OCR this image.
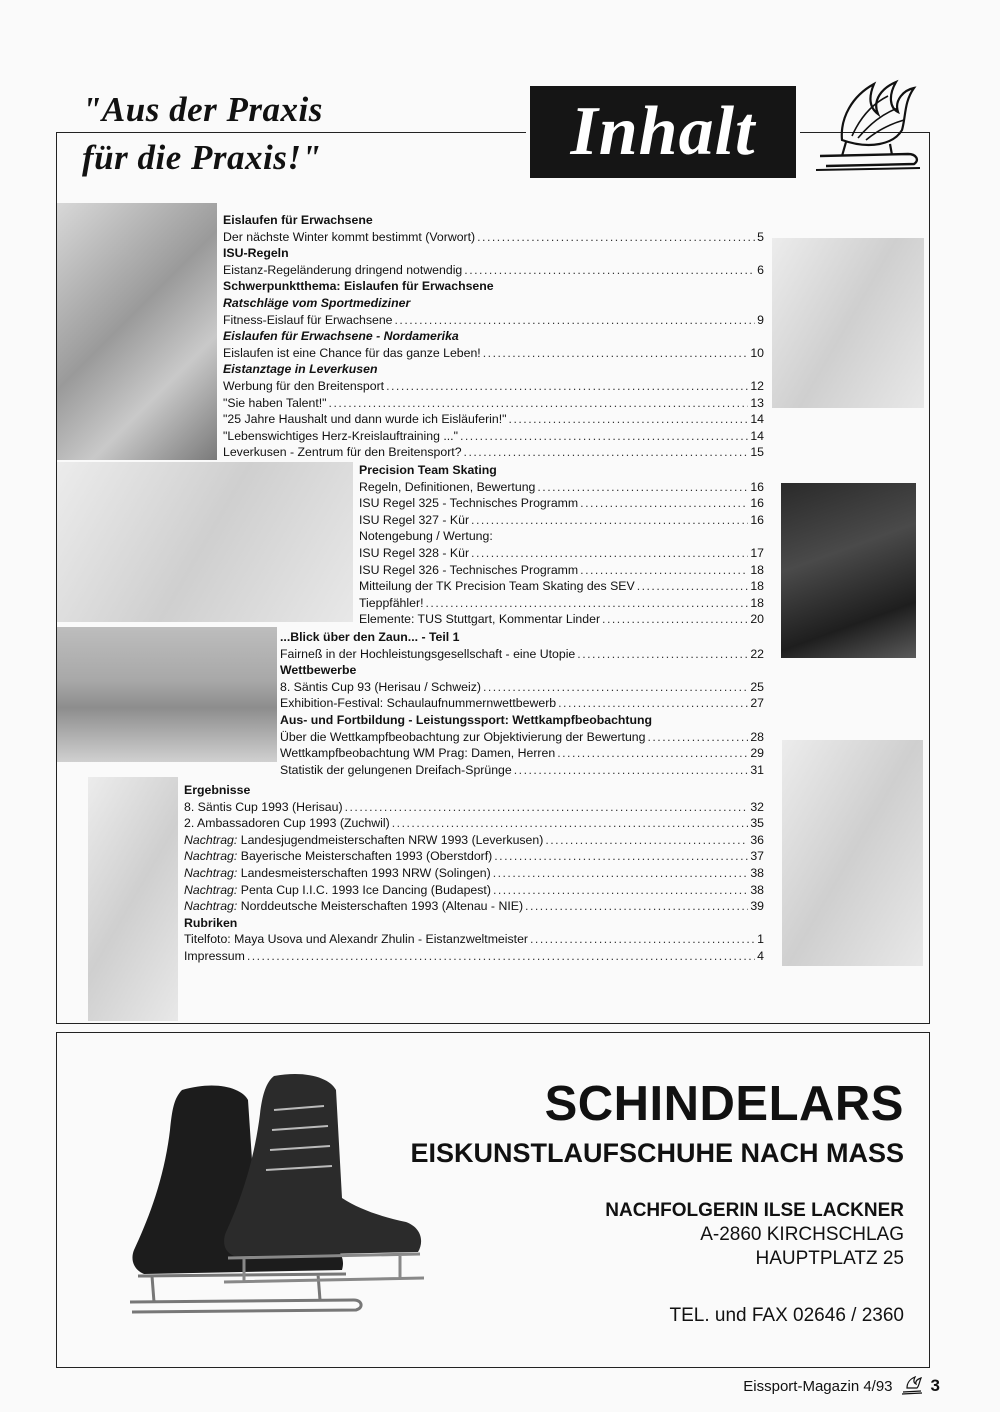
"Aus der Praxis
für die Praxis!"	Inhalt
Eislaufen für Erwachsene
Der nächste Winter kommt bestimmt (Vorwort) .....	5
ISU-Regeln
Eistanz-Regeländerung dringend notwendig .....	6
Schwerpunktthema: Eislaufen für Erwachsene
Ratschläge vom Sportmediziner
Fitness-Eislauf für Erwachsene .....	9
Eislaufen für Erwachsene - Nordamerika
Eislaufen ist eine Chance für das ganze Leben! .....	10
Eistanztage in Leverkusen
Werbung für den Breitensport .....	12
"Sie haben Talent!" .....	13
"25 Jahre Haushalt und dann wurde ich Eisläuferin!" .....	14
"Lebenswichtiges Herz-Kreislauftraining ..." .....	14
Leverkusen - Zentrum für den Breitensport? .....	15
Precision Team Skating
Regeln, Definitionen, Bewertung .....	16
ISU Regel 325 - Technisches Programm .....	16
ISU Regel 327 - Kür .....	16
Notengebung / Wertung:
ISU Regel 328 - Kür .....	17
ISU Regel 326 - Technisches Programm .....	18
Mitteilung der TK Precision Team Skating des SEV .....	18
Tieppfähler! .....	18
Elemente: TUS Stuttgart, Kommentar Linder .....	20
...Blick über den Zaun... - Teil 1
Fairneß in der Hochleistungsgesellschaft - eine Utopie .....	22
Wettbewerbe
8. Säntis Cup 93 (Herisau / Schweiz) .....	25
Exhibition-Festival: Schaulaufnummernwettbewerb .....	27
Aus- und Fortbildung - Leistungssport: Wettkampfbeobachtung
Über die Wettkampfbeobachtung zur Objektivierung der Bewertung .....	28
Wettkampfbeobachtung WM Prag: Damen, Herren .....	29
Statistik der gelungenen Dreifach-Sprünge .....	31
Ergebnisse
8. Säntis Cup 1993 (Herisau) .....	32
2. Ambassadoren Cup 1993 (Zuchwil) .....	35
Nachtrag: Landesjugendmeisterschaften NRW 1993 (Leverkusen) .....	36
Nachtrag: Bayerische Meisterschaften 1993 (Oberstdorf) .....	37
Nachtrag: Landesmeisterschaften 1993 NRW (Solingen) .....	38
Nachtrag: Penta Cup I.I.C. 1993 Ice Dancing (Budapest) .....	38
Nachtrag: Norddeutsche Meisterschaften 1993 (Altenau - NIE) .....	39
Rubriken
Titelfoto: Maya Usova und Alexandr Zhulin - Eistanzweltmeister .....	1
Impressum .....	4
SCHINDELARS
EISKUNSTLAUFSCHUHE NACH MASS
NACHFOLGERIN ILSE LACKNER
A-2860 KIRCHSCHLAG
HAUPTPLATZ 25
TEL. und FAX 02646 / 2360
Eissport-Magazin 4/93 3
